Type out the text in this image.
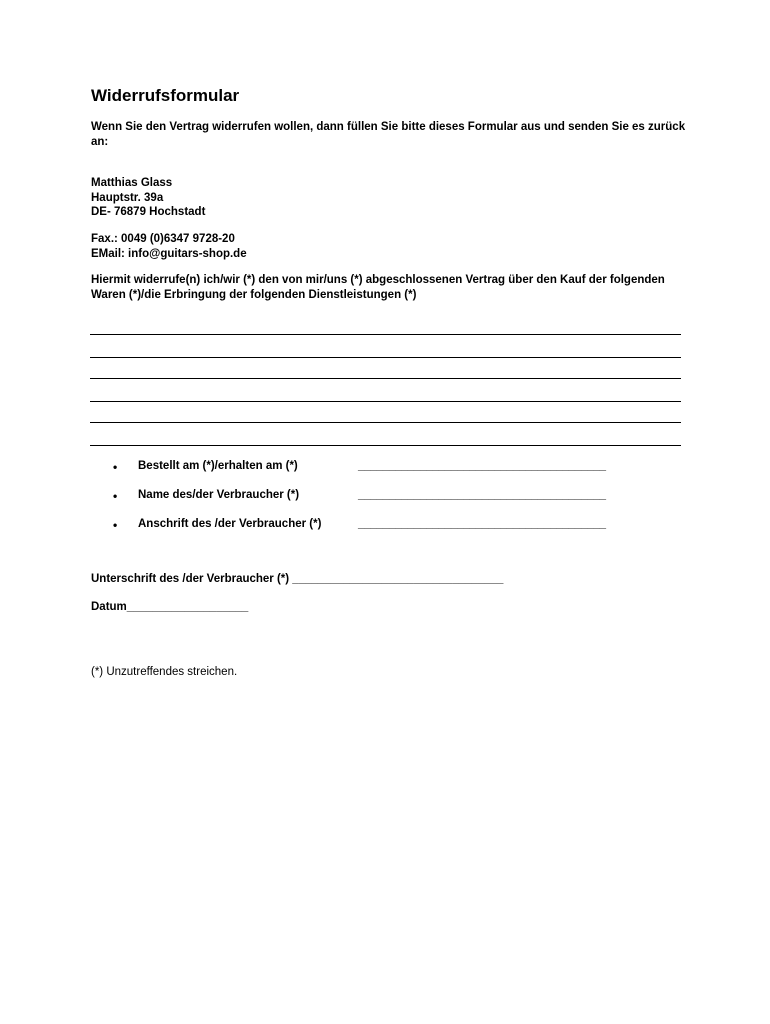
Widerrufsformular

Wenn Sie den Vertrag widerrufen wollen, dann füllen Sie bitte dieses Formular aus und senden Sie es zurück an:

Matthias Glass
Hauptstr. 39a
DE- 76879 Hochstadt
Fax.: 0049 (0)6347 9728-20
EMail: info@guitars-shop.de

Hiermit widerrufe(n) ich/wir (*) den von mir/uns (*) abgeschlossenen Vertrag über den Kauf der folgenden Waren (*)/die Erbringung der folgenden Dienstleistungen (*)

• Bestellt am (*)/erhalten am (*)	________________________________________
• Name des/der Verbraucher (*)	________________________________________
• Anschrift des /der Verbraucher (*)	________________________________________
Unterschrift des /der Verbraucher (*) _________________________________
Datum___________________
(*) Unzutreffendes streichen.
